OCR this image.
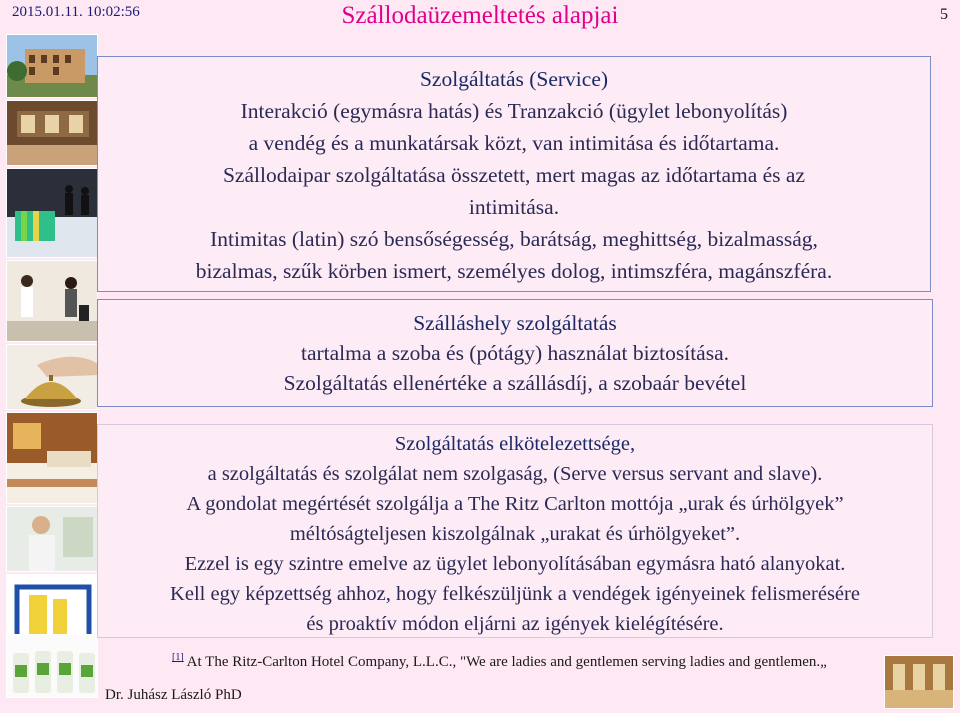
2015.01.11. 10:02:56	Szállodaüzemeltetés alapjai	5
Szolgáltatás (Service)
Interakció (egymásra hatás) és Tranzakció (ügylet lebonyolítás)
a vendég és a munkatársak közt, van intimitása és időtartama.
Szállodaipar szolgáltatása összetett, mert magas az időtartama és az
intimitása.
Intimitas (latin) szó bensőségesség, barátság, meghittség, bizalmasság,
bizalmas, szűk körben ismert, személyes dolog, intimszféra, magánszféra.
Szálláshely szolgáltatás
tartalma a szoba és (pótágy) használat biztosítása.
Szolgáltatás ellenértéke a szállásdíj, a szobaár bevétel
Szolgáltatás elkötelezettsége,
a szolgáltatás és szolgálat nem szolgaság, (Serve versus servant and slave).
A gondolat megértését szolgálja a The Ritz Carlton mottója „urak és úrhölgyek”
méltóságteljesen kiszolgálnak „urakat és úrhölgyeket”.
Ezzel is egy szintre emelve az ügylet lebonyolításában egymásra ható alanyokat.
Kell egy képzettség ahhoz, hogy felkészüljünk a vendégek igényeinek felismerésére
és proaktív módon eljárni az igények kielégítésére.
[1] At The Ritz-Carlton Hotel Company, L.L.C., "We are ladies and gentlemen serving ladies and gentlemen.„
Dr. Juhász László PhD
